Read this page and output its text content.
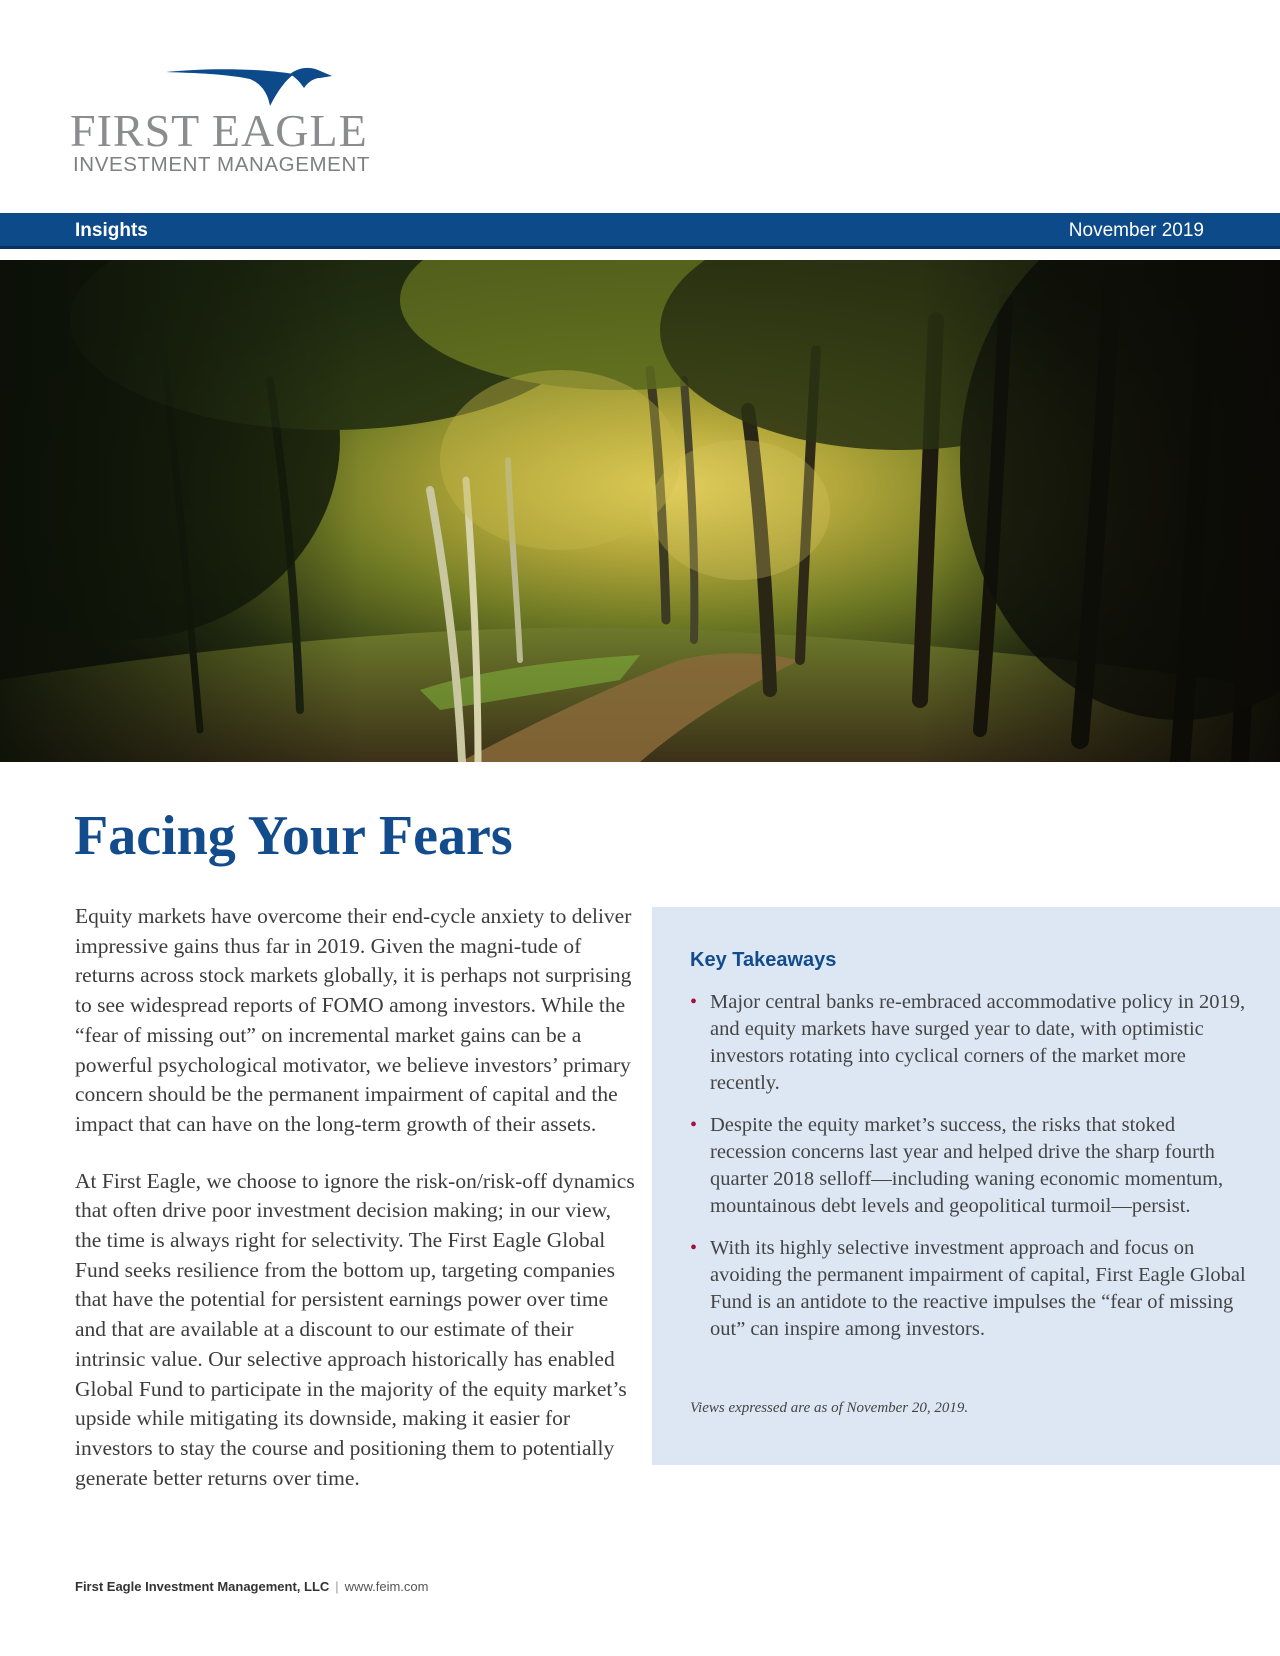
FIRST EAGLE
INVESTMENT MANAGEMENT
Insights	November 2019
Facing Your Fears

Equity markets have overcome their end-cycle anxiety to deliver impressive gains thus far in 2019. Given the magni-tude of returns across stock markets globally, it is perhaps not surprising to see widespread reports of FOMO among investors. While the “fear of missing out” on incremental market gains can be a powerful psychological motivator, we believe investors’ primary concern should be the permanent impairment of capital and the impact that can have on the long-term growth of their assets.

At First Eagle, we choose to ignore the risk-on/risk-off dynamics that often drive poor investment decision making; in our view, the time is always right for selectivity. The First Eagle Global Fund seeks resilience from the bottom up, targeting companies that have the potential for persistent earnings power over time and that are available at a discount to our estimate of their intrinsic value. Our selective approach historically has enabled Global Fund to participate in the majority of the equity market’s upside while mitigating its downside, making it easier for investors to stay the course and positioning them to potentially generate better returns over time.

Key Takeaways
• Major central banks re-embraced accommodative policy in 2019, and equity markets have surged year to date, with optimistic investors rotating into cyclical corners of the market more recently.
• Despite the equity market’s success, the risks that stoked recession concerns last year and helped drive the sharp fourth quarter 2018 selloff—including waning economic momentum, mountainous debt levels and geopolitical turmoil—persist.
• With its highly selective investment approach and focus on avoiding the permanent impairment of capital, First Eagle Global Fund is an antidote to the reactive impulses the “fear of missing out” can inspire among investors.
Views expressed are as of November 20, 2019.
First Eagle Investment Management, LLC | www.feim.com
